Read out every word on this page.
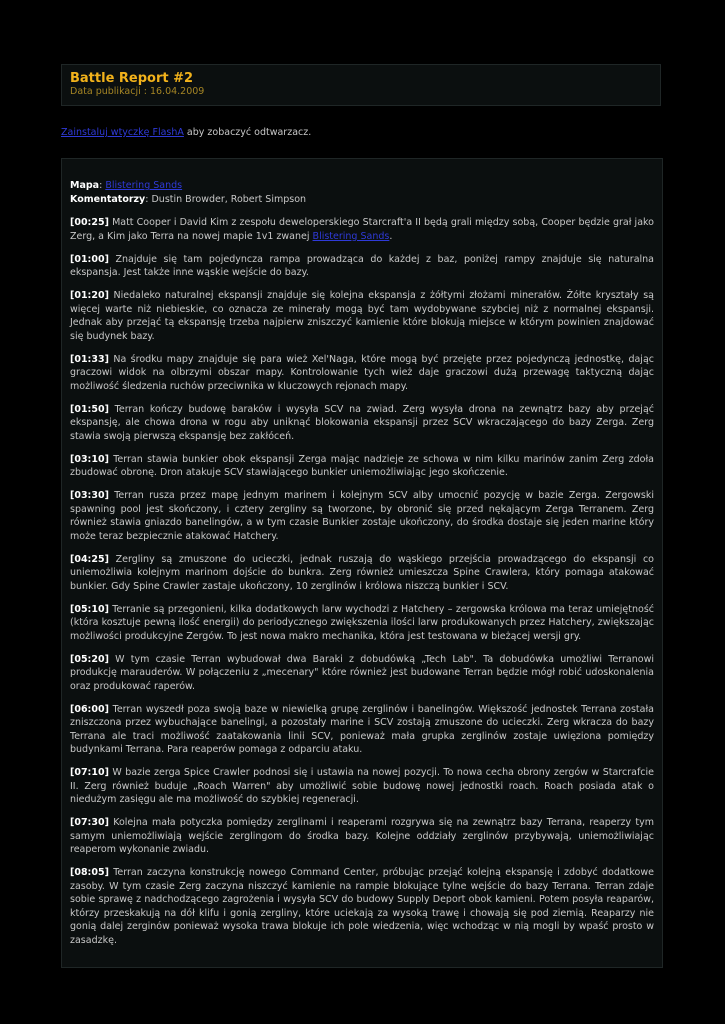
Battle Report #2
Data publikacji : 16.04.2009
Zainstaluj wtyczkę FlashA aby zobaczyć odtwarzacz.
Mapa: Blistering Sands
Komentatorzy: Dustin Browder, Robert Simpson

[00:25] Matt Cooper i David Kim z zespołu deweloperskiego Starcraft'a II będą grali między sobą, Cooper będzie grał jako Zerg, a Kim jako Terra na nowej mapie 1v1 zwanej Blistering Sands.

[01:00] Znajduje się tam pojedyncza rampa prowadząca do każdej z baz, poniżej rampy znajduje się naturalna ekspansja. Jest także inne wąskie wejście do bazy.

[01:20] Niedaleko naturalnej ekspansji znajduje się kolejna ekspansja z żółtymi złożami minerałów. Żółte kryształy są więcej warte niż niebieskie, co oznacza ze minerały mogą być tam wydobywane szybciej niż z normalnej ekspansji. Jednak aby przejąć tą ekspansję trzeba najpierw zniszczyć kamienie które blokują miejsce w którym powinien znajdować się budynek bazy.

[01:33] Na środku mapy znajduje się para wież Xel'Naga, które mogą być przejęte przez pojedynczą jednostkę, dając graczowi widok na olbrzymi obszar mapy. Kontrolowanie tych wież daje graczowi dużą przewagę taktyczną dając możliwość śledzenia ruchów przeciwnika w kluczowych rejonach mapy.

[01:50] Terran kończy budowę baraków i wysyła SCV na zwiad. Zerg wysyła drona na zewnątrz bazy aby przejąć ekspansję, ale chowa drona w rogu aby uniknąć blokowania ekspansji przez SCV wkraczającego do bazy Zerga. Zerg stawia swoją pierwszą ekspansję bez zakłóceń.

[03:10] Terran stawia bunkier obok ekspansji Zerga mając nadzieje ze schowa w nim kilku marinów zanim Zerg zdoła zbudować obronę. Dron atakuje SCV stawiającego bunkier uniemożliwiając jego skończenie.

[03:30] Terran rusza przez mapę jednym marinem i kolejnym SCV alby umocnić pozycję w bazie Zerga. Zergowski spawning pool jest skończony, i cztery zergliny są tworzone, by obronić się przed nękającym Zerga Terranem. Zerg również stawia gniazdo banelingów, a w tym czasie Bunkier zostaje ukończony, do środka dostaje się jeden marine który może teraz bezpiecznie atakować Hatchery.

[04:25] Zergliny są zmuszone do ucieczki, jednak ruszają do wąskiego przejścia prowadzącego do ekspansji co uniemożliwia kolejnym marinom dojście do bunkra. Zerg również umieszcza Spine Crawlera, który pomaga atakować bunkier. Gdy Spine Crawler zastaje ukończony, 10 zerglinów i królowa niszczą bunkier i SCV.

[05:10] Terranie są przegonieni, kilka dodatkowych larw wychodzi z Hatchery – zergowska królowa ma teraz umiejętność (która kosztuje pewną ilość energii) do periodycznego zwiększenia ilości larw produkowanych przez Hatchery, zwiększając możliwości produkcyjne Zergów. To jest nowa makro mechanika, która jest testowana w bieżącej wersji gry.

[05:20] W tym czasie Terran wybudował dwa Baraki z dobudówką „Tech Lab". Ta dobudówka umożliwi Terranowi produkcję marauderów. W połączeniu z „mecenary" które również jest budowane Terran będzie mógł robić udoskonalenia oraz produkować raperów.

[06:00] Terran wyszedł poza swoją baze w niewielką grupę zerglinów i banelingów. Większość jednostek Terrana została zniszczona przez wybuchające banelingi, a pozostały marine i SCV zostają zmuszone do ucieczki. Zerg wkracza do bazy Terrana ale traci możliwość zaatakowania linii SCV, ponieważ mała grupka zerglinów zostaje uwięziona pomiędzy budynkami Terrana. Para reaperów pomaga z odparciu ataku.

[07:10] W bazie zerga Spice Crawler podnosi się i ustawia na nowej pozycji. To nowa cecha obrony zergów w Starcrafcie II. Zerg również buduje „Roach Warren" aby umożliwić sobie budowę nowej jednostki roach. Roach posiada atak o niedużym zasięgu ale ma możliwość do szybkiej regeneracji.

[07:30] Kolejna mała potyczka pomiędzy zerglinami i reaperami rozgrywa się na zewnątrz bazy Terrana, reaperzy tym samym uniemożliwiają wejście zerglingom do środka bazy. Kolejne oddziały zerglinów przybywają, uniemożliwiając reaperom wykonanie zwiadu.

[08:05] Terran zaczyna konstrukcję nowego Command Center, próbując przejąć kolejną ekspansję i zdobyć dodatkowe zasoby. W tym czasie Zerg zaczyna niszczyć kamienie na rampie blokujące tylne wejście do bazy Terrana. Terran zdaje sobie sprawę z nadchodzącego zagrożenia i wysyła SCV do budowy Supply Deport obok kamieni. Potem posyła reaparów, którzy przeskakują na dół klifu i gonią zergliny, które uciekają za wysoką trawę i chowają się pod ziemią. Reaparzy nie gonią dalej zerginów ponieważ wysoka trawa blokuje ich pole wiedzenia, więc wchodząc w nią mogli by wpaść prosto w zasadzkę.
